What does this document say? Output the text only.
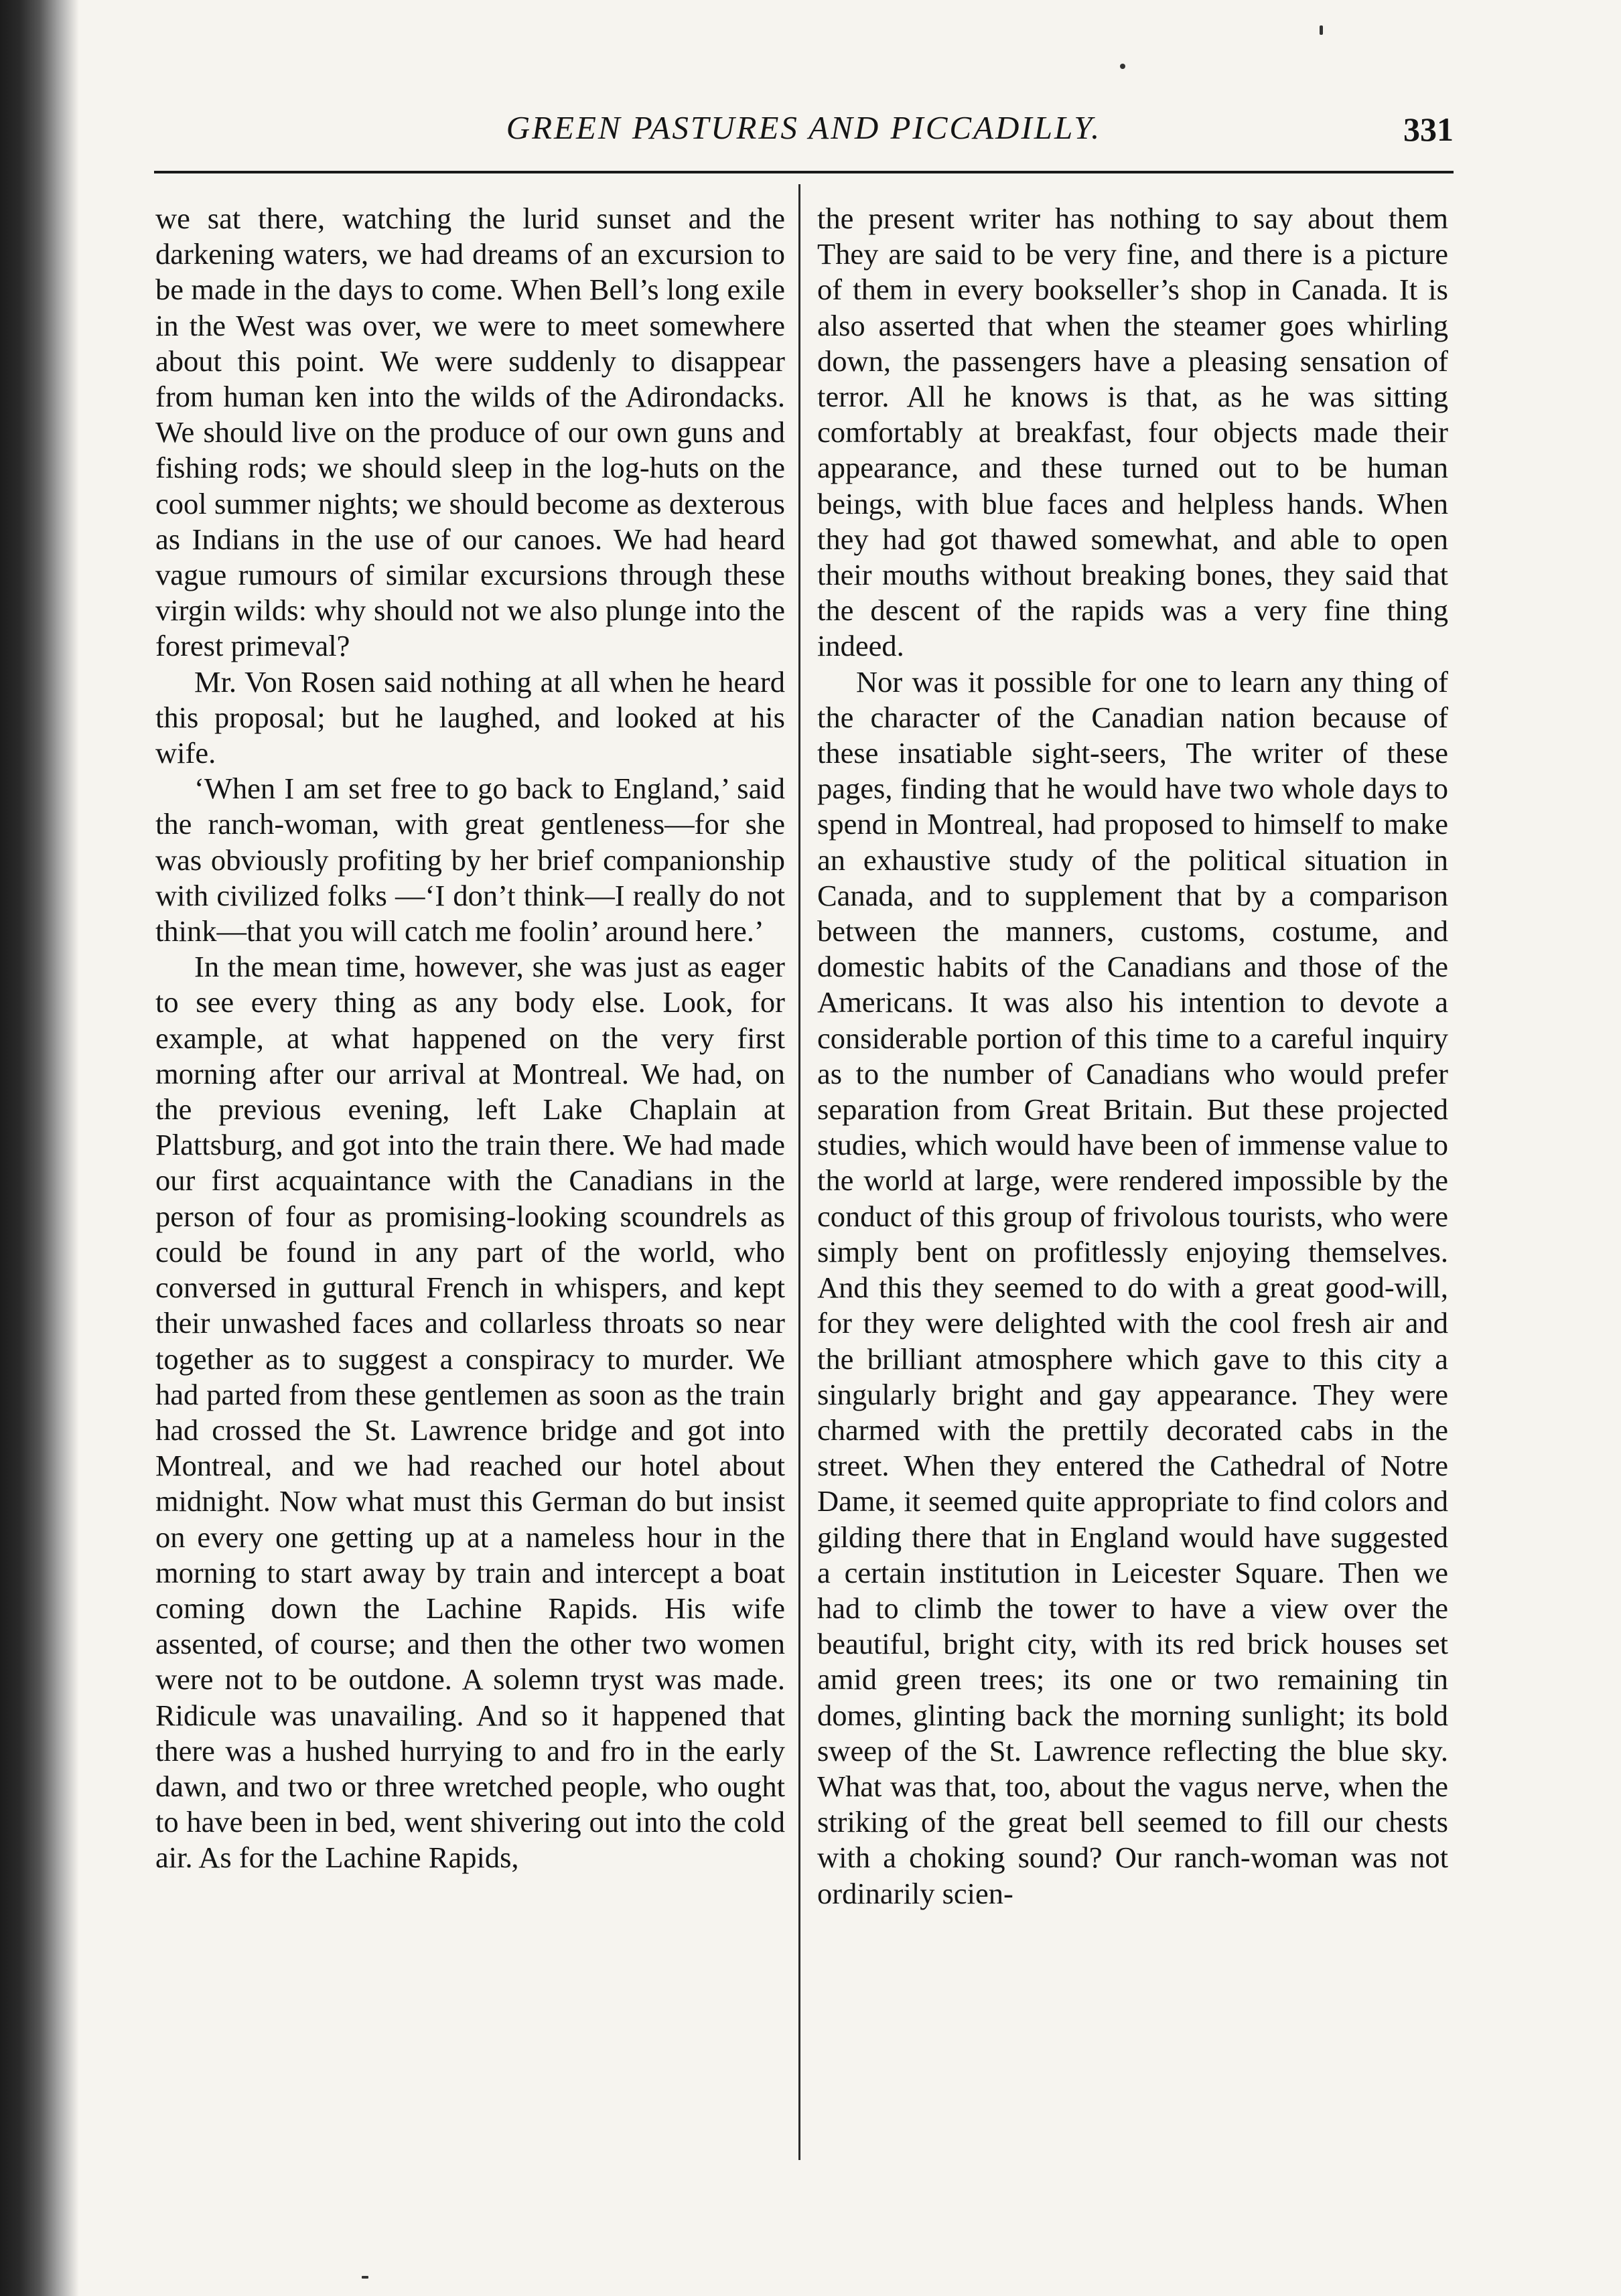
GREEN PASTURES AND PICCADILLY.	331

we sat there, watching the lurid sunset and the darkening waters, we had dreams of an excursion to be made in the days to come. When Bell’s long exile in the West was over, we were to meet somewhere about this point. We were suddenly to disappear from human ken into the wilds of the Adirondacks. We should live on the produce of our own guns and fishing rods; we should sleep in the log-huts on the cool summer nights; we should become as dexterous as Indians in the use of our canoes. We had heard vague rumours of similar excursions through these virgin wilds: why should not we also plunge into the forest primeval?

Mr. Von Rosen said nothing at all when he heard this proposal; but he laughed, and looked at his wife.

‘When I am set free to go back to England,’ said the ranch-woman, with great gentleness—for she was obviously profiting by her brief companionship with civilized folks —‘I don’t think—I really do not think—that you will catch me foolin’ around here.’

In the mean time, however, she was just as eager to see every thing as any body else. Look, for example, at what happened on the very first morning after our arrival at Montreal. We had, on the previous evening, left Lake Chaplain at Plattsburg, and got into the train there. We had made our first acquaintance with the Canadians in the person of four as promising-looking scoundrels as could be found in any part of the world, who conversed in guttural French in whispers, and kept their unwashed faces and collarless throats so near together as to suggest a conspiracy to murder. We had parted from these gentlemen as soon as the train had crossed the St. Lawrence bridge and got into Montreal, and we had reached our hotel about midnight. Now what must this German do but insist on every one getting up at a nameless hour in the morning to start away by train and intercept a boat coming down the Lachine Rapids. His wife assented, of course; and then the other two women were not to be outdone. A solemn tryst was made. Ridicule was unavailing. And so it happened that there was a hushed hurrying to and fro in the early dawn, and two or three wretched people, who ought to have been in bed, went shivering out into the cold air. As for the Lachine Rapids,

the present writer has nothing to say about them They are said to be very fine, and there is a picture of them in every bookseller’s shop in Canada. It is also asserted that when the steamer goes whirling down, the passengers have a pleasing sensation of terror. All he knows is that, as he was sitting comfortably at breakfast, four objects made their appearance, and these turned out to be human beings, with blue faces and helpless hands. When they had got thawed somewhat, and able to open their mouths without breaking bones, they said that the descent of the rapids was a very fine thing indeed.

Nor was it possible for one to learn any thing of the character of the Canadian nation because of these insatiable sight-seers, The writer of these pages, finding that he would have two whole days to spend in Montreal, had proposed to himself to make an exhaustive study of the political situation in Canada, and to supplement that by a comparison between the manners, customs, costume, and domestic habits of the Canadians and those of the Americans. It was also his intention to devote a considerable portion of this time to a careful inquiry as to the number of Canadians who would prefer separation from Great Britain. But these projected studies, which would have been of immense value to the world at large, were rendered impossible by the conduct of this group of frivolous tourists, who were simply bent on profitlessly enjoying themselves. And this they seemed to do with a great good-will, for they were delighted with the cool fresh air and the brilliant atmosphere which gave to this city a singularly bright and gay appearance. They were charmed with the prettily decorated cabs in the street. When they entered the Cathedral of Notre Dame, it seemed quite appropriate to find colors and gilding there that in England would have suggested a certain institution in Leicester Square. Then we had to climb the tower to have a view over the beautiful, bright city, with its red brick houses set amid green trees; its one or two remaining tin domes, glinting back the morning sunlight; its bold sweep of the St. Lawrence reflecting the blue sky. What was that, too, about the vagus nerve, when the striking of the great bell seemed to fill our chests with a choking sound? Our ranch-woman was not ordinarily scien-
